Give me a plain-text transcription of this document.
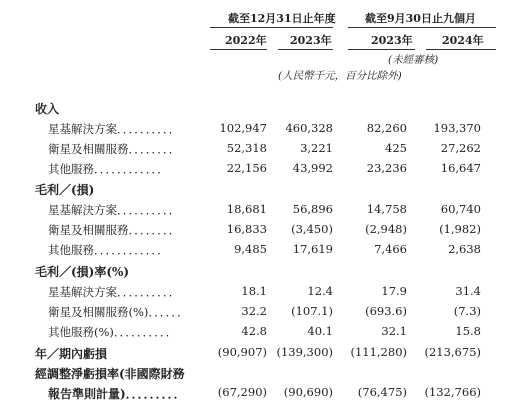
截至12月31日止年度	截至9月30日止九個月
2022年 2023年	2023年	2024年
(未經審核)
(人民幣千元，百分比除外)
收入
星基解決方案．．．．．．．．．．	102,947	460,328	82,260	193,370
衛星及相關服務．．．．．．．．	52,318	3,221	425	27,262
其他服務．．．．．．．．．．．．	22,156	43,992	23,236	16,647
毛利／(損)
星基解決方案．．．．．．．．．．	18,681	56,896	14,758	60,740
衛星及相關服務．．．．．．．．	16,833	(3,450)	(2,948)	(1,982)
其他服務．．．．．．．．．．．．	9,485	17,619	7,466	2,638
毛利／(損)率(%)
星基解決方案．．．．．．．．．．	18.1	12.4	17.9	31.4
衛星及相關服務(%)．．．．．．	32.2	(107.1)	(693.6)	(7.3)
其他服務(%)．．．．．．．．．．	42.8	40.1	32.1	15.8
年／期內虧損	(90,907) (139,300)	(111,280)	(213,675)
經調整淨虧損率(非國際財務
報告準則計量)．．．．．．．．．	(67,290)	(90,690)	(76,475)	(132,766)
